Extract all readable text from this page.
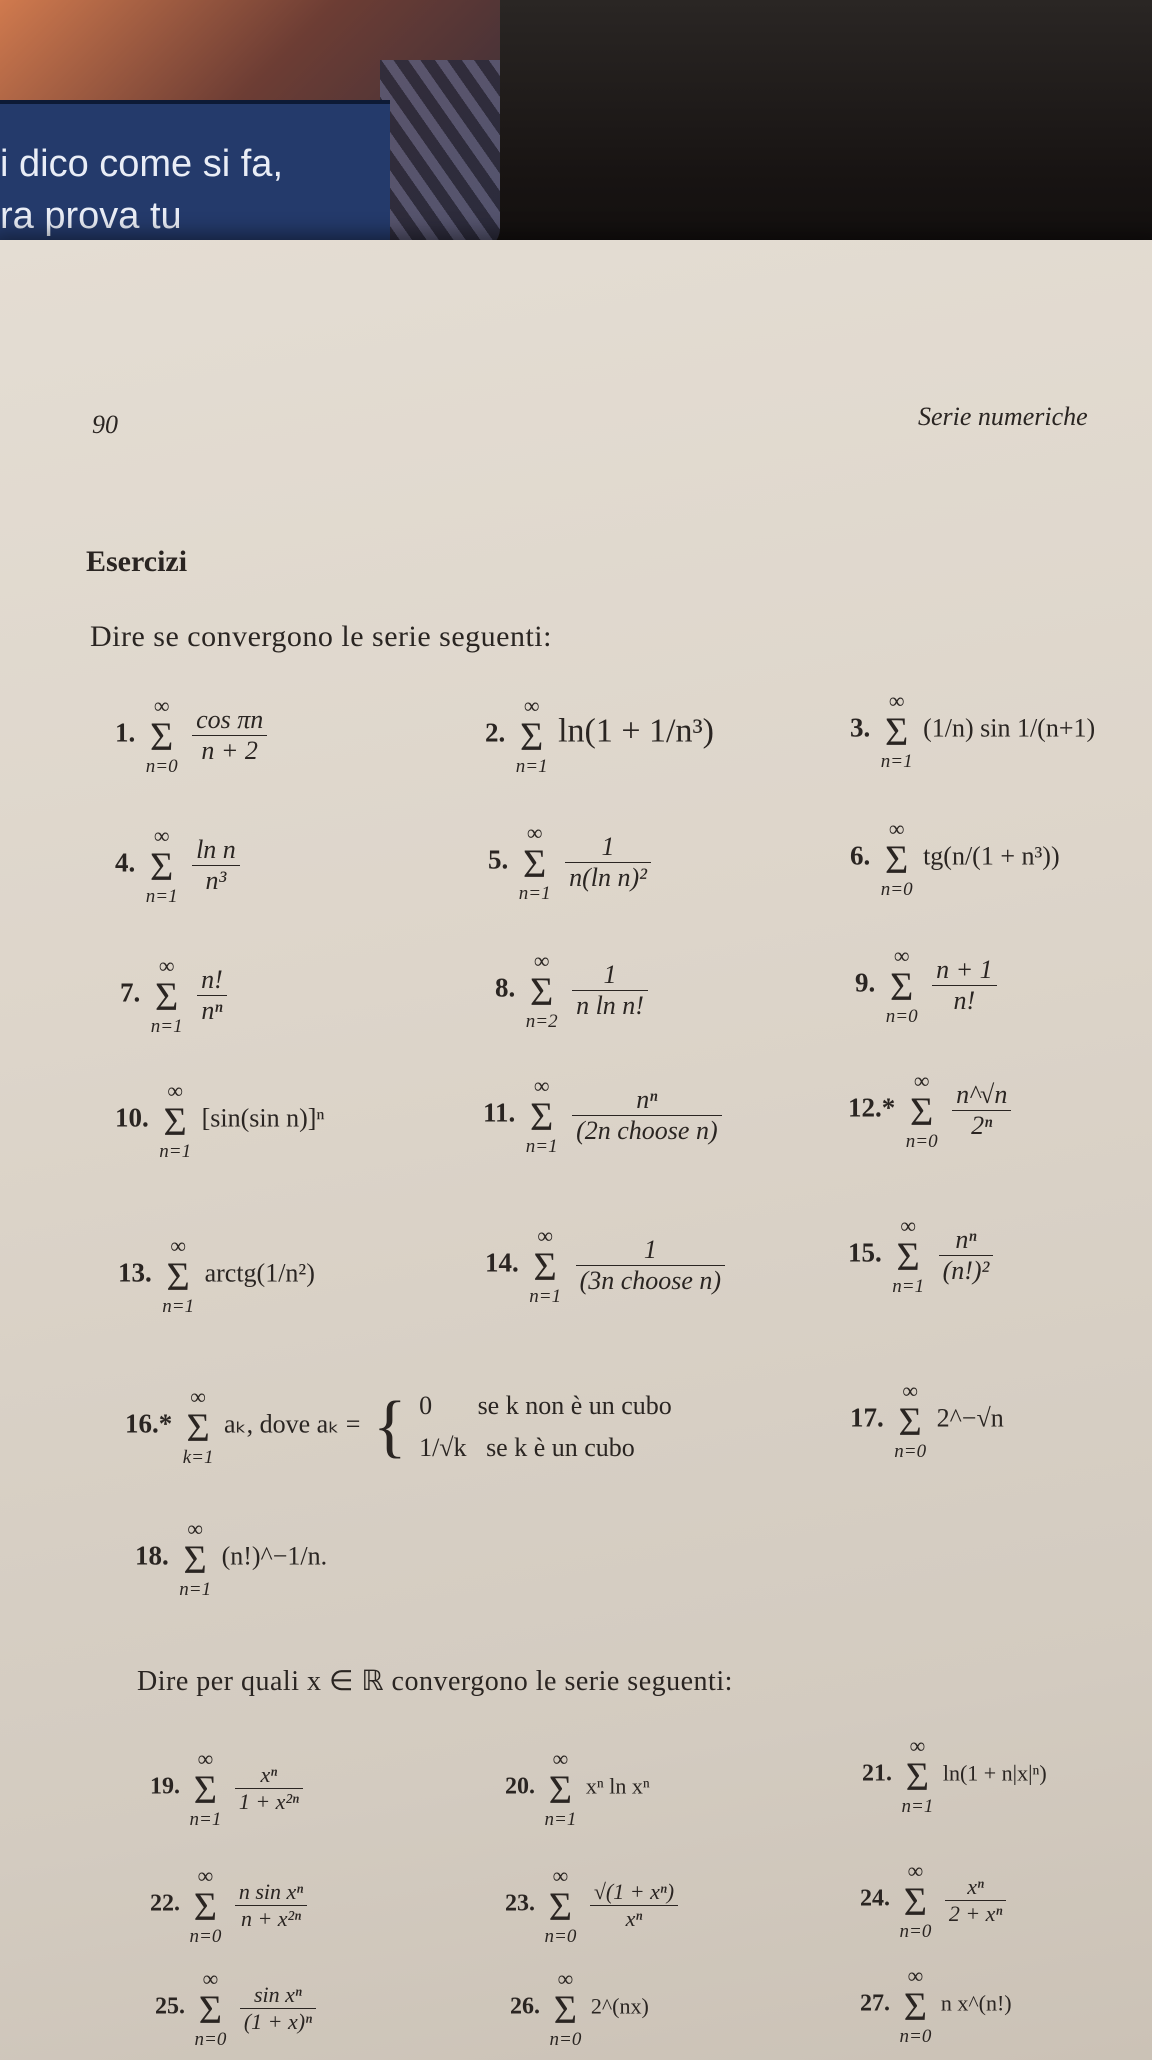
i dico come si fa,
ra prova tu
90	Serie numeriche
Esercizi
Dire se convergono le serie seguenti:
Dire per quali x ∈ ℝ convergono le serie seguenti:
1.
∞
Σ
n=0

$\frac{\text{cos πn}}{n + 2}$	2.
∞
Σ
n=1
ln(1 + 1/n³)	3.
∞
Σ
n=1
(1/n) sin 1/(n+1)
4.
∞
Σ
n=1

$\frac{\text{ln n}}{\text{n³}}$	5.
∞
Σ
n=1

$\frac{1}{\text{n(ln n)²}}$	6.
∞
Σ
n=0
tg(n/(1 + n³))
7.
∞
Σ
n=1

$\frac{n!}{\text{nⁿ}}$	8.
∞
Σ
n=2

$\frac{1}{\text{n ln n!}}$	9.
∞
Σ
n=0

$\frac{n + 1}{n!}$
10.
∞
Σ
n=1
[sin(sin n)]ⁿ	11.
∞
Σ
n=1

$\frac{\text{nⁿ}}{\text{(2n choose n)}}$	12.*
∞
Σ
n=0

$\frac{n\^{}√n}{\text{2ⁿ}}$
13.
∞
Σ
n=1
arctg(1/n²)	14.
∞
Σ
n=1

$\frac{1}{\text{(3n choose n)}}$	15.
∞
Σ
n=1

$\frac{\text{nⁿ}}{\text{(n!)²}}$
16.*
∞
Σ
k=1
aₖ, dove aₖ = { 0 se k non è un cubo
1/√k se k è un cubo
17.
∞
Σ
n=0
2^−√n
18.
∞
Σ
n=1
(n!)^−1/n.
19.
∞
Σ
n=1

$\frac{\text{xⁿ}}{\text{1 + x²ⁿ}}$	20.
∞
Σ
n=1
xⁿ ln xⁿ	21.
∞
Σ
n=1
ln(1 + n|x|ⁿ)
22.
∞
Σ
n=0

$\frac{\text{n sin xⁿ}}{\text{n + x²ⁿ}}$	23.
∞
Σ
n=0

$\frac{\text{√(1 + xⁿ)}}{\text{xⁿ}}$	24.
∞
Σ
n=0

$\frac{\text{xⁿ}}{\text{2 + xⁿ}}$
25.
∞
Σ
n=0

$\frac{\text{sin xⁿ}}{\text{(1 + x)ⁿ}}$	26.
∞
Σ
n=0
2^(nx)	27.
∞
Σ
n=0
n x^(n!)
